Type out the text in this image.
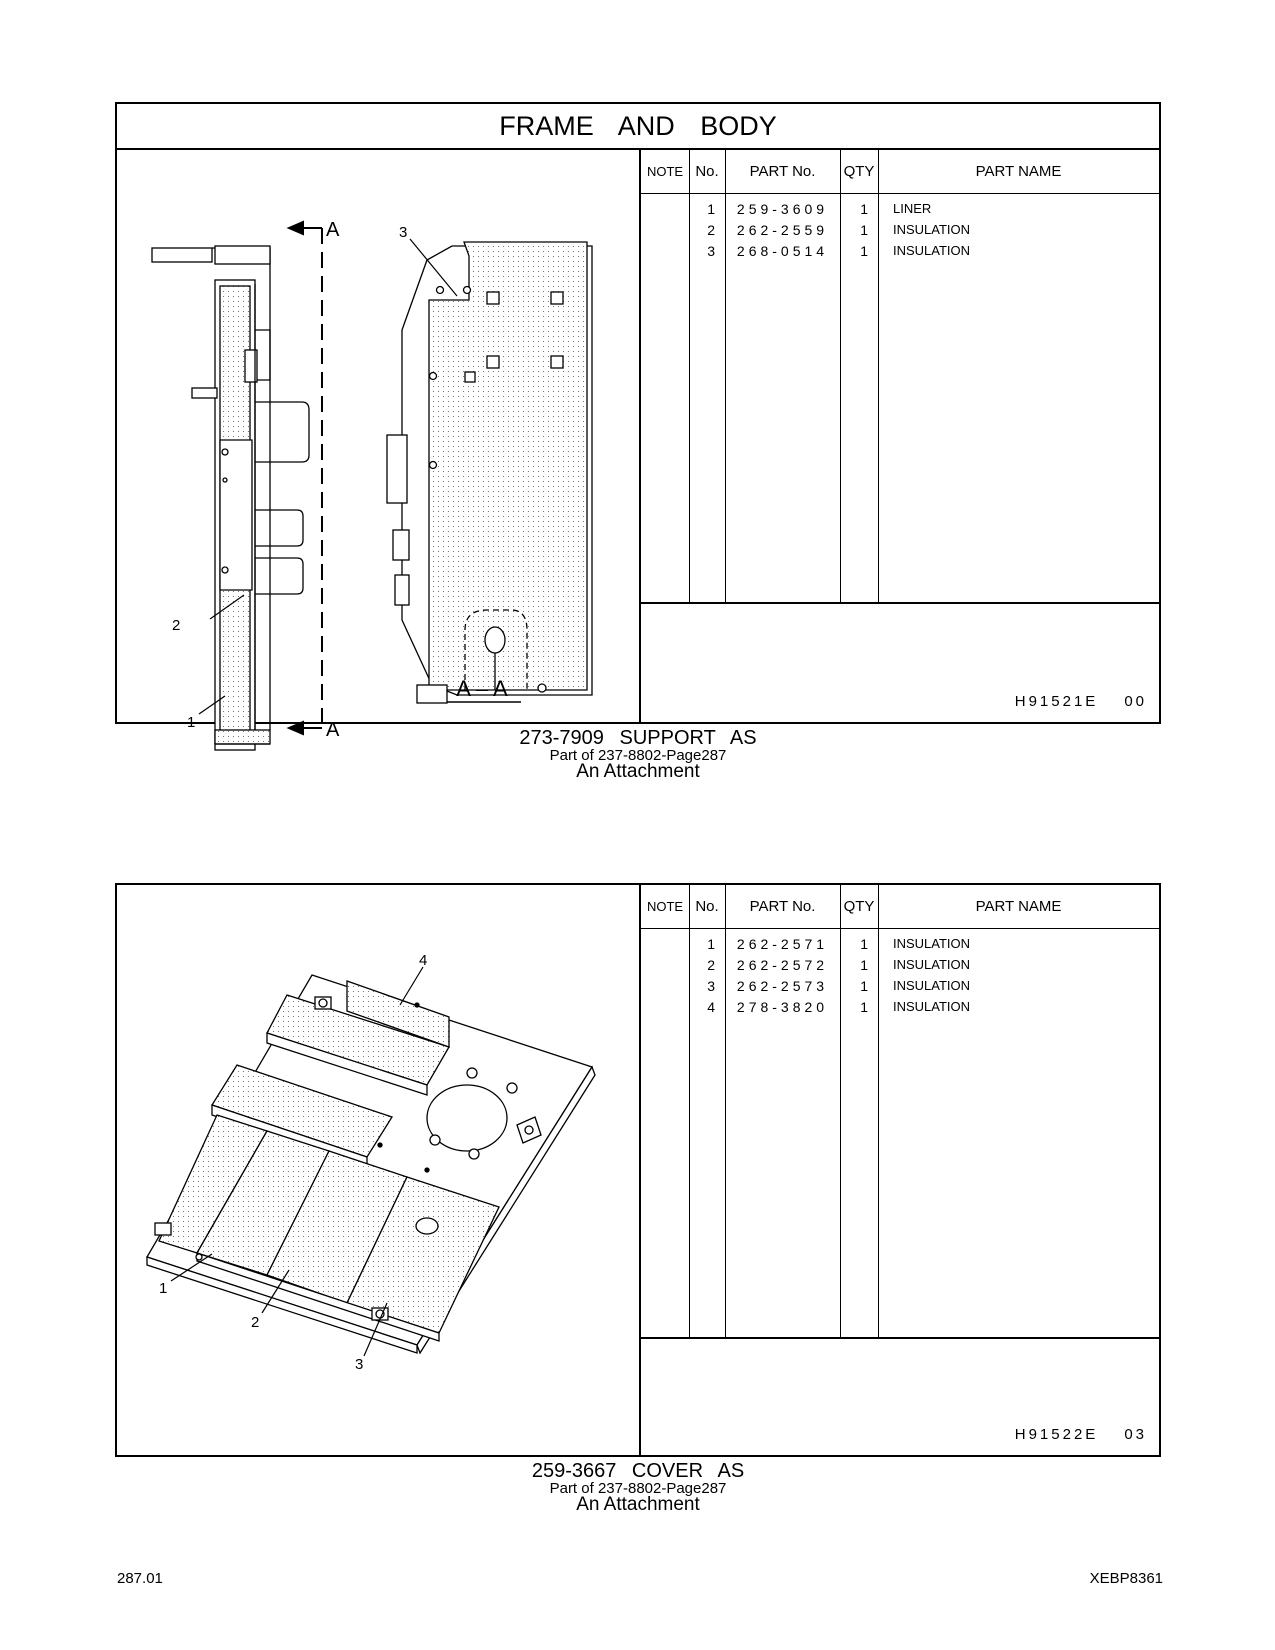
FRAME AND BODY
A
A
2
1
3
A – A
NOTE No.	PART No.	QTY	PART NAME
1	259-3609	1	LINER
2	262-2559	1	INSULATION
3	268-0514	1	INSULATION
H91521E 00
273-7909 SUPPORT AS
Part of 237-8802-Page287
An Attachment
4
1
2
3
NOTE No.	PART No.	QTY	PART NAME
1	262-2571	1	INSULATION
2	262-2572	1	INSULATION
3	262-2573	1	INSULATION
4	278-3820	1	INSULATION
H91522E 03
259-3667 COVER AS
Part of 237-8802-Page287
An Attachment
287.01	XEBP8361
